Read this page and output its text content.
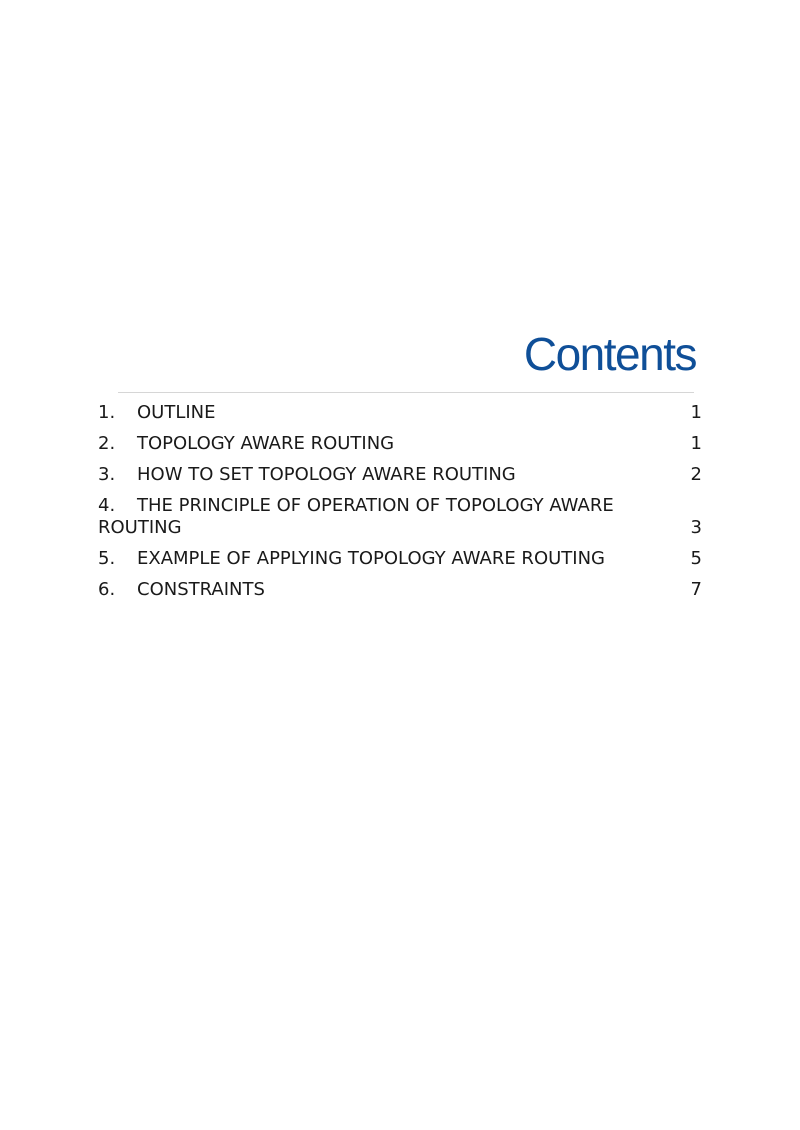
Contents
1. OUTLINE	1
2. TOPOLOGY AWARE ROUTING	1
3. HOW TO SET TOPOLOGY AWARE ROUTING	2
4. THE PRINCIPLE OF OPERATION OF TOPOLOGY AWARE ROUTING	3
5. EXAMPLE OF APPLYING TOPOLOGY AWARE ROUTING	5
6. CONSTRAINTS	7
